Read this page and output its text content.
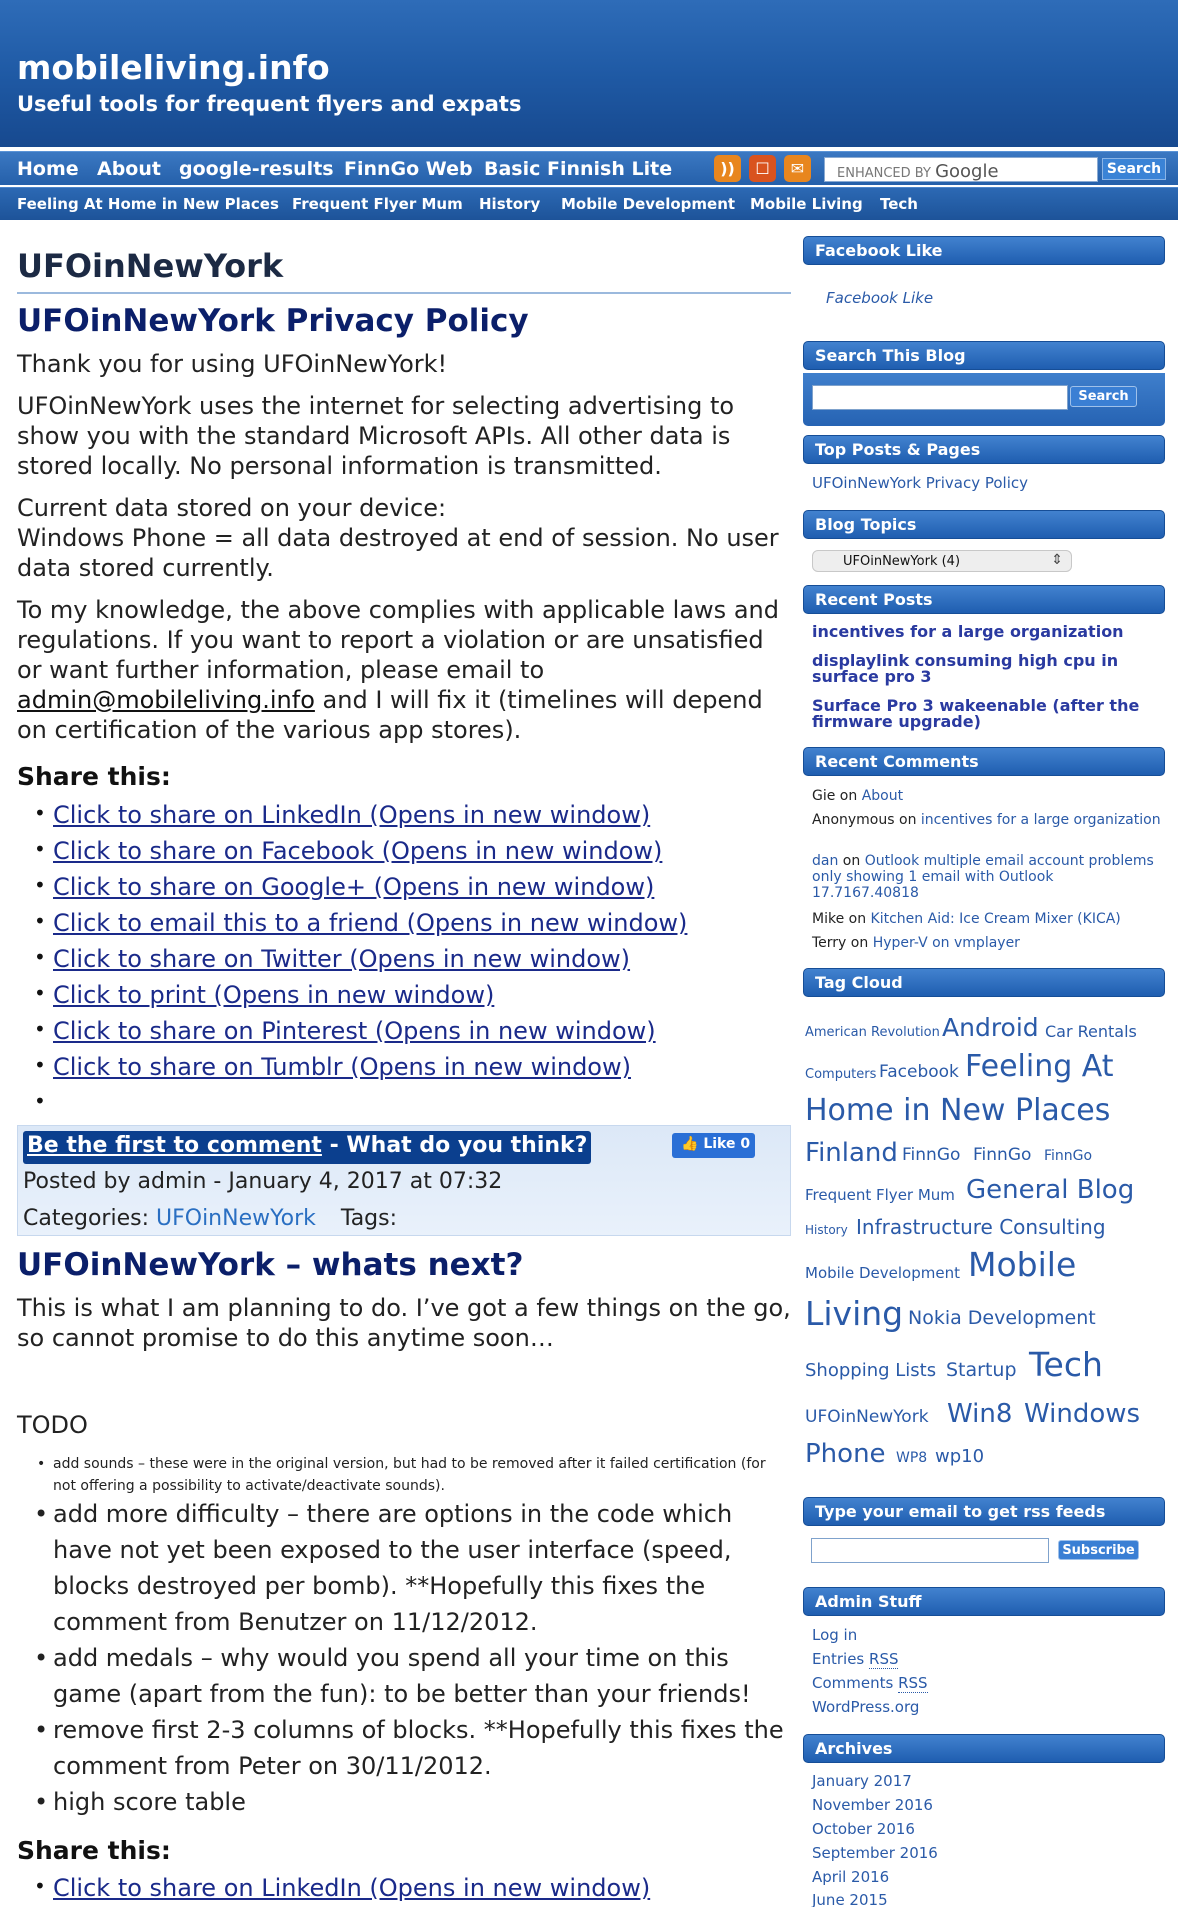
mobileliving.info
Useful tools for frequent flyers and expats
Home About google-results FinnGo Web Basic Finnish Lite	))	☐	✉	ENHANCED BY Google	Search
Feeling At Home in New Places Frequent Flyer Mum History Mobile Development Mobile Living Tech
UFOinNewYork
UFOinNewYork Privacy Policy
Thank you for using UFOinNewYork!
UFOinNewYork uses the internet for selecting advertising to show you with the standard Microsoft APIs. All other data is stored locally. No personal information is transmitted.
Current data stored on your device:
Windows Phone = all data destroyed at end of session. No user data stored currently.
To my knowledge, the above complies with applicable laws and regulations. If you want to report a violation or are unsatisfied or want further information, please email to admin@mobileliving.info and I will fix it (timelines will depend on certification of the various app stores).
Share this:
• Click to share on LinkedIn (Opens in new window)
• Click to share on Facebook (Opens in new window)
• Click to share on Google+ (Opens in new window)
• Click to email this to a friend (Opens in new window)
• Click to share on Twitter (Opens in new window)
• Click to print (Opens in new window)
• Click to share on Pinterest (Opens in new window)
• Click to share on Tumblr (Opens in new window)
•
Be the first to comment - What do you think?	👍 Like 0
Posted by admin - January 4, 2017 at 07:32
Categories: UFOinNewYork Tags:
UFOinNewYork – whats next?
This is what I am planning to do. I’ve got a few things on the go, so cannot promise to do this anytime soon…
TODO
• add sounds – these were in the original version, but had to be removed after it failed certification (for not offering a possibility to activate/deactivate sounds).
• add more difficulty – there are options in the code which have not yet been exposed to the user interface (speed, blocks destroyed per bomb). **Hopefully this fixes the comment from Benutzer on 11/12/2012.
• add medals – why would you spend all your time on this game (apart from the fun): to be better than your friends!
• remove first 2-3 columns of blocks. **Hopefully this fixes the comment from Peter on 30/11/2012.
• high score table
Share this:
• Click to share on LinkedIn (Opens in new window)
Facebook Like
Facebook Like
Search This Blog
Search
Top Posts & Pages
UFOinNewYork Privacy Policy
Blog Topics
UFOinNewYork (4)	⇕
Recent Posts
incentives for a large organization
displaylink consuming high cpu in surface pro 3
Surface Pro 3 wakeenable (after the firmware upgrade)
Recent Comments
Gie on About
Anonymous on incentives for a large organization
dan on Outlook multiple email account problems only showing 1 email with Outlook 17.7167.40818
Mike on Kitchen Aid: Ice Cream Mixer (KICA)
Terry on Hyper-V on vmplayer
Tag Cloud
American Revolution Android Car Rentals
Computers Facebook Feeling At
Home in New Places
Finland FinnGo FinnGo FinnGo
Frequent Flyer Mum General Blog
History Infrastructure Consulting
Mobile Development Mobile
Living Nokia Development
Shopping Lists Startup Tech
UFOinNewYork Win8 Windows
Phone WP8 wp10
Type your email to get rss feeds
Subscribe
Admin Stuff
Log in
Entries RSS
Comments RSS
WordPress.org
Archives
January 2017
November 2016
October 2016
September 2016
April 2016
June 2015
